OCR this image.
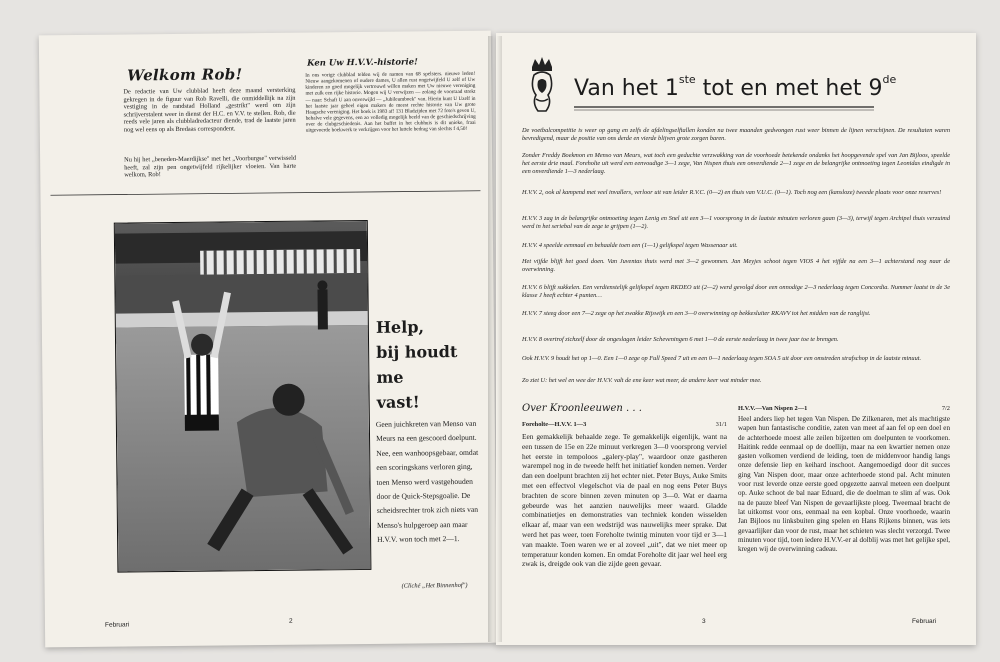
Welkom Rob!

De redactie van Uw clubblad heeft deze maand versterking gekregen in de figuur van Rob Ravelli, die onmiddellijk na zijn vestiging in de randstad Holland „gestrikt" werd om zijn schrijverstalent weer in dienst der H.C. en V.V. te stellen. Rob, die reeds vele jaren als clubbladredacteur diende, trad de laatste jaren nog wel eens op als Bredaas correspondent.

Nu hij het „beneden-Maerdijkse" met het „Voorburgse" verwisseld heeft, zal zijn pen ongetwijfeld rijkelijker vloeien. Van harte welkom, Rob!

Ken Uw H.V.V.-historie!

In ons vorige clubblad telden wij de namen van 68 spelsters. nieuwe leden! Nieuw aangekomenen of oudere dames, U allen rust ongetwijfeld U zelf of Uw kinderen zo goed mogelijk vertrouwd willen maken met Uw nieuwe vereniging met zulk een rijke historie. Mogen wij U verwijzen — zolang de voorraad strekt — naar: Schaft U aan onverwijld — „Jubileumboek" van. Hierin kunt U Uzelf in het laatste jaar geheel eigen makers de meest rechte historie van Uw grote Haagsche vereniging. Het boek is 1983 af! 131 Bladzijden met 72 foto's geven U, behalve vele gegevens, een zo volledig mogelijk beeld van de geschiedschrijving over de clubgeschiedenis. Aan het buffet in het clubhuis is dit unieke, fraai uitgevoerde boekwerk te verkrijgen voor het luttele bedrag van slechts f 4,50!

Help,
bij houdt me
vast!

Geen juichkreten van Menso van Meurs na een gescoord doelpunt. Nee, een wanhoopsgebaar, omdat een scoringskans verloren ging, toen Menso werd vastgehouden door de Quick-Stepsgoalie. De scheidsrechter trok zich niets van Menso's hulpgeroep aan maar H.V.V. won toch met 2—1.

(Cliché „Het Binnenhof")

Februari

2

Van het 1ste tot en met het 9de

De voetbalcompetitie is weer op gang en zelfs de afdelingselftallen konden na twee maanden gedwongen rust weer binnen de lijnen verschijnen. De resultaten waren bevredigend, maar de positie van ons derde en vierde blijven grote zorgen baren.

Zonder Freddy Boekmon en Menso van Meurs, wat toch een geduchte verzwakking van de voorhoede betekende ondanks het hoopgevende spel van Jan Bijloos, speelde het eerste drie maal. Foreholte uit werd een eenvoudige 3—1 zege, Van Nispen thuis een onverdiende 2—1 zege en de belangrijke ontmoeting tegen Leonidas eindigde in een onverdiende 1—3 nederlaag.

H.V.V. 2, ook al kampend met veel invallers, verloor uit van leider R.V.C. (0—2) en thuis van V.U.C. (0—1). Toch nog een (kansloze) tweede plaats voor onze reserves!

H.V.V. 3 zag in de belangrijke ontmoeting tegen Lenig en Snel uit een 3—1 voorsprong in de laatste minuten verloren gaan (3—3), terwijl tegen Archipel thuis verzuimd werd in het seriebal van de zege te grijpen (1—2).

H.V.V. 4 speelde eenmaal en behaalde toen een (1—1) gelijkspel tegen Wassenaar uit.

Het vijfde blijft het goed doen. Van Juventas thuis werd met 3—2 gewonnen. Jan Meyjes schoot tegen VIOS 4 het vijfde na een 3—1 achterstand nog naar de overwinning.

H.V.V. 6 blijft sukkelen. Een verdienstelijk gelijkspel tegen RKDEO uit (2—2) werd gevolgd door een onnodige 2—3 nederlaag tegen Concordia. Nummer laatst in de 3e klasse J heeft echter 4 punten…

H.V.V. 7 steeg door een 7—2 zege op het zwakke Rijswijk en een 3—0 overwinning op bekkesluiter RKAVV tot het midden van de ranglijst.

H.V.V. 8 overtrof zichzelf door de ongeslagen leider Scheveningen 6 met 1—0 de eerste nederlaag in twee jaar toe te brengen.

Ook H.V.V. 9 houdt het op 1—0. Een 1—0 zege op Full Speed 7 uit en een 0—1 nederlaag tegen SOA 5 uit door een omstreden strafschop in de laatste minuut.

Zo ziet U: het wel en wee der H.V.V. valt de ene keer wat meer, de andere keer wat minder mee.

Over Kroonleeuwen . . .
Foreholte—H.V.V. 1—3	31/1

Een gemakkelijk behaalde zege. Te gemakkelijk eigenlijk, want na een tussen de 15e en 22e minuut verkregen 3—0 voorsprong verviel het eerste in tempoloos „galery-play", waardoor onze gastheren warempel nog in de tweede helft het initiatief konden nemen. Verder dan een doelpunt brachten zij het echter niet. Peter Buys, Auke Smits met een effectvol vlegelschot via de paal en nog eens Peter Buys brachten de score binnen zeven minuten op 3—0. Wat er daarna gebeurde was het aanzien nauwelijks meer waard. Gladde combinatietjes en demonstraties van techniek konden wisselden elkaar af, maar van een wedstrijd was nauwelijks meer sprake. Dat werd het pas weer, toen Foreholte twintig minuten voor tijd er 3—1 van maakte. Toen waren we er al zoveel „uit", dat we niet meer op temperatuur konden komen. En omdat Foreholte dit jaar wel heel erg zwak is, dreigde ook van die zijde geen gevaar.

H.V.V.—Van Nispen 2—1	7/2

Heel anders liep het tegen Van Nispen. De Zilkenaren, met als machtigste wapen hun fantastische conditie, zaten van meet af aan fel op een doel en de achterhoede moest alle zeilen bijzetten om doelpunten te voorkomen. Haitink redde eenmaal op de doellijn, maar na een kwartier nemen onze gasten volkomen verdiend de leiding, toen de middenvoor handig langs onze defensie liep en keihard inschoot. Aangemoedigd door dit succes ging Van Nispen door, maar onze achterhoede stond pal. Acht minuten voor rust leverde onze eerste goed opgezette aanval meteen een doelpunt op. Auke schoot de bal naar Eduard, die de doelman te slim af was. Ook na de pauze bleef Van Nispen de gevaarlijkste ploeg. Tweemaal bracht de lat uitkomst voor ons, eenmaal na een kopbal. Onze voorhoede, waarin Jan Bijloos nu linksbuiten ging spelen en Hans Rijkens binnen, was iets gevaarlijker dan voor de rust, maar het schieten was slecht verzorgd. Twee minuten voor tijd, toen iedere H.V.V.-er al dolblij was met het gelijke spel, kregen wij de overwinning cadeau.

3	Februari
